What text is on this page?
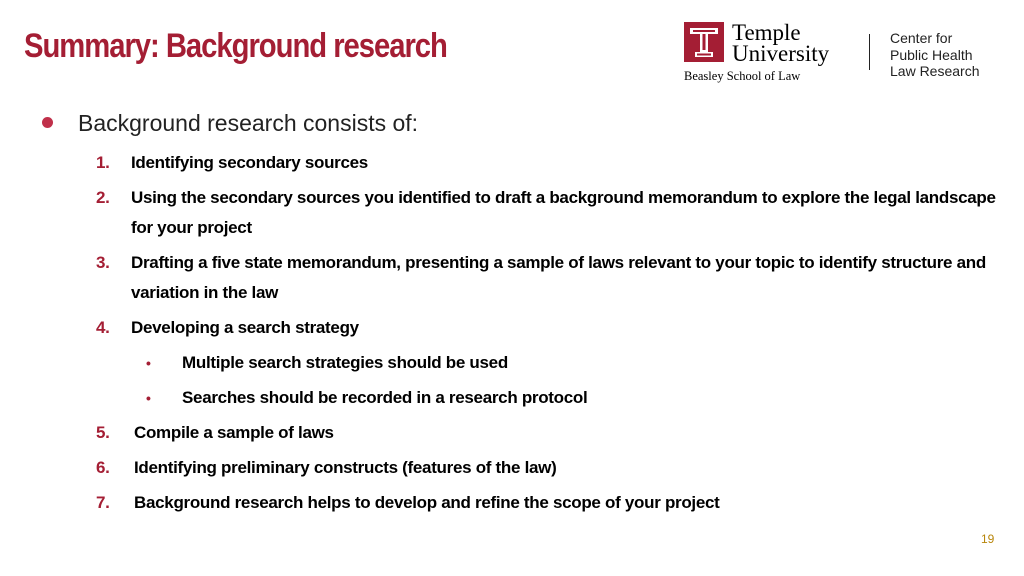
Summary: Background research	Temple
University
Beasley School of Law
Center for
Public Health
Law Research
Background research consists of:
1. Identifying secondary sources
2. Using the secondary sources you identified to draft a background memorandum to explore the legal landscape for your project
3. Drafting a five state memorandum, presenting a sample of laws relevant to your topic to identify structure and variation in the law
4. Developing a search strategy
• Multiple search strategies should be used
• Searches should be recorded in a research protocol
5. Compile a sample of laws
6. Identifying preliminary constructs (features of the law)
7. Background research helps to develop and refine the scope of your project
19
